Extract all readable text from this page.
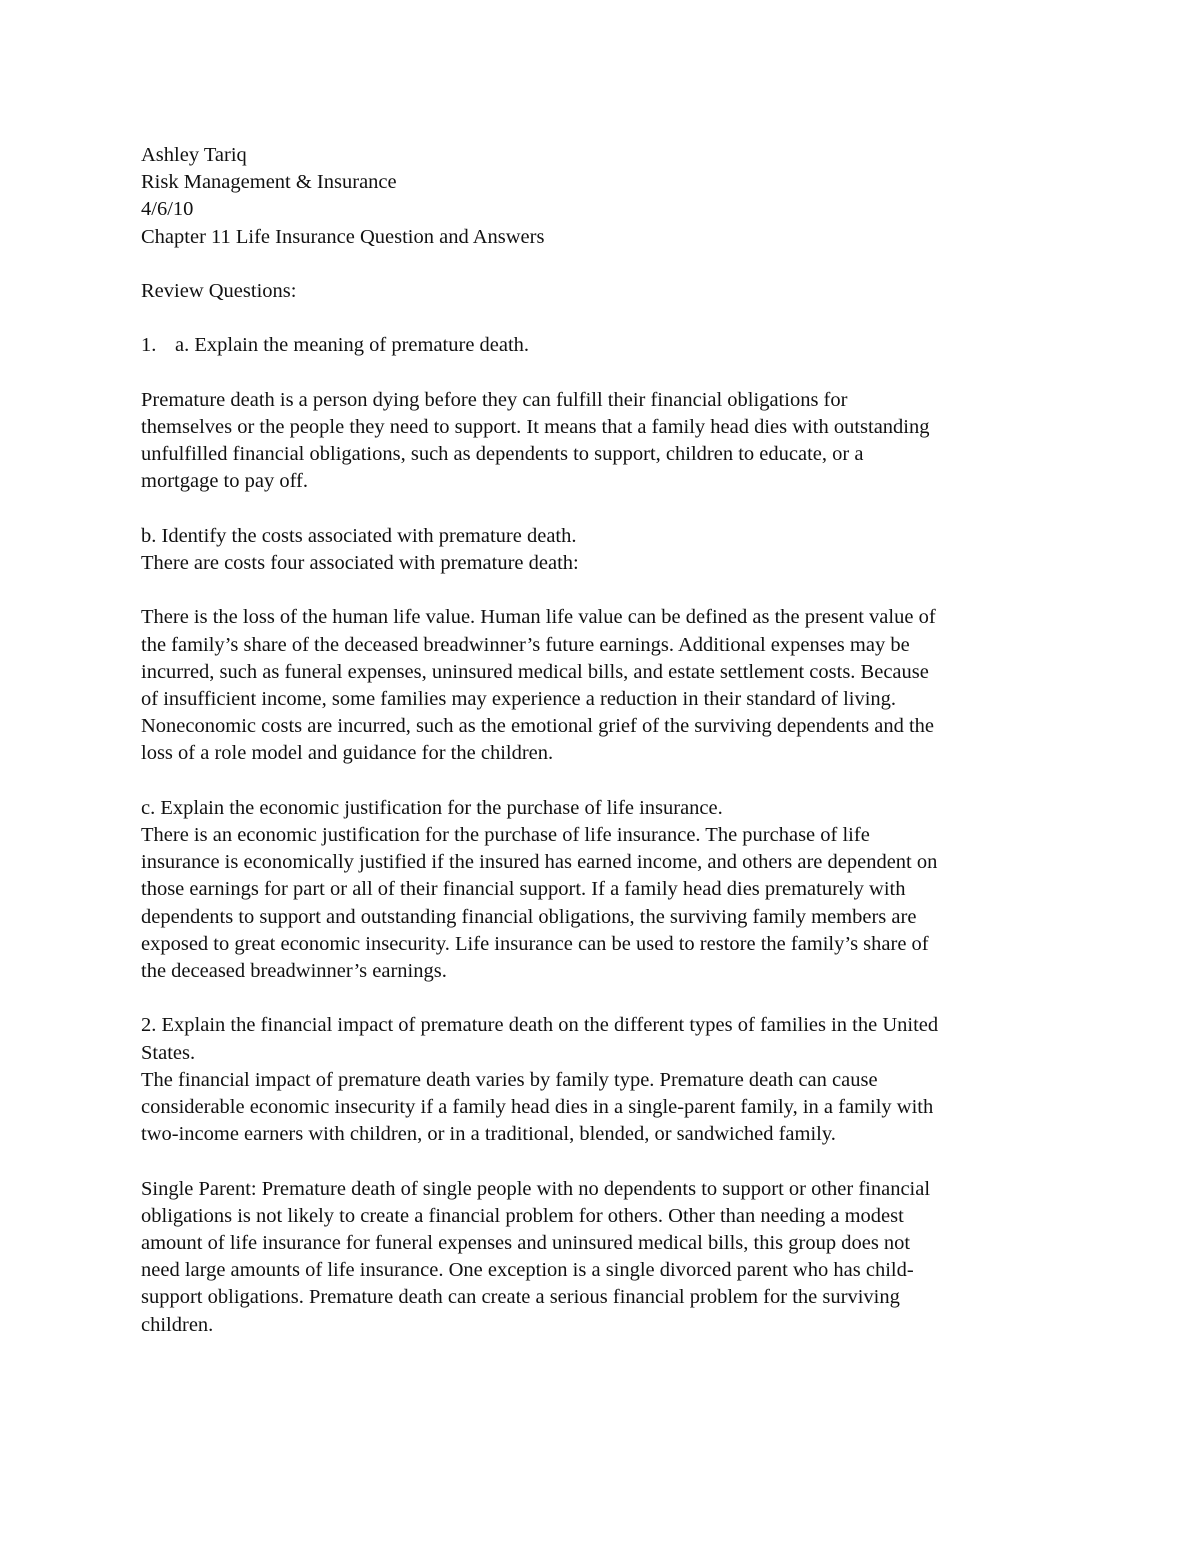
Ashley Tariq

Risk Management & Insurance

4/6/10

Chapter 11 Life Insurance Question and Answers

Review Questions:

1. a. Explain the meaning of premature death.

Premature death is a person dying before they can fulfill their financial obligations for

themselves or the people they need to support. It means that a family head dies with outstanding

unfulfilled financial obligations, such as dependents to support, children to educate, or a

mortgage to pay off.

b. Identify the costs associated with premature death.

There are costs four associated with premature death:

There is the loss of the human life value. Human life value can be defined as the present value of

the family’s share of the deceased breadwinner’s future earnings. Additional expenses may be

incurred, such as funeral expenses, uninsured medical bills, and estate settlement costs. Because

of insufficient income, some families may experience a reduction in their standard of living.

Noneconomic costs are incurred, such as the emotional grief of the surviving dependents and the

loss of a role model and guidance for the children.

c. Explain the economic justification for the purchase of life insurance.

There is an economic justification for the purchase of life insurance. The purchase of life

insurance is economically justified if the insured has earned income, and others are dependent on

those earnings for part or all of their financial support. If a family head dies prematurely with

dependents to support and outstanding financial obligations, the surviving family members are

exposed to great economic insecurity. Life insurance can be used to restore the family’s share of

the deceased breadwinner’s earnings.

2. Explain the financial impact of premature death on the different types of families in the United

States.

The financial impact of premature death varies by family type. Premature death can cause

considerable economic insecurity if a family head dies in a single-parent family, in a family with

two-income earners with children, or in a traditional, blended, or sandwiched family.

Single Parent: Premature death of single people with no dependents to support or other financial

obligations is not likely to create a financial problem for others. Other than needing a modest

amount of life insurance for funeral expenses and uninsured medical bills, this group does not

need large amounts of life insurance. One exception is a single divorced parent who has child-

support obligations. Premature death can create a serious financial problem for the surviving

children.
